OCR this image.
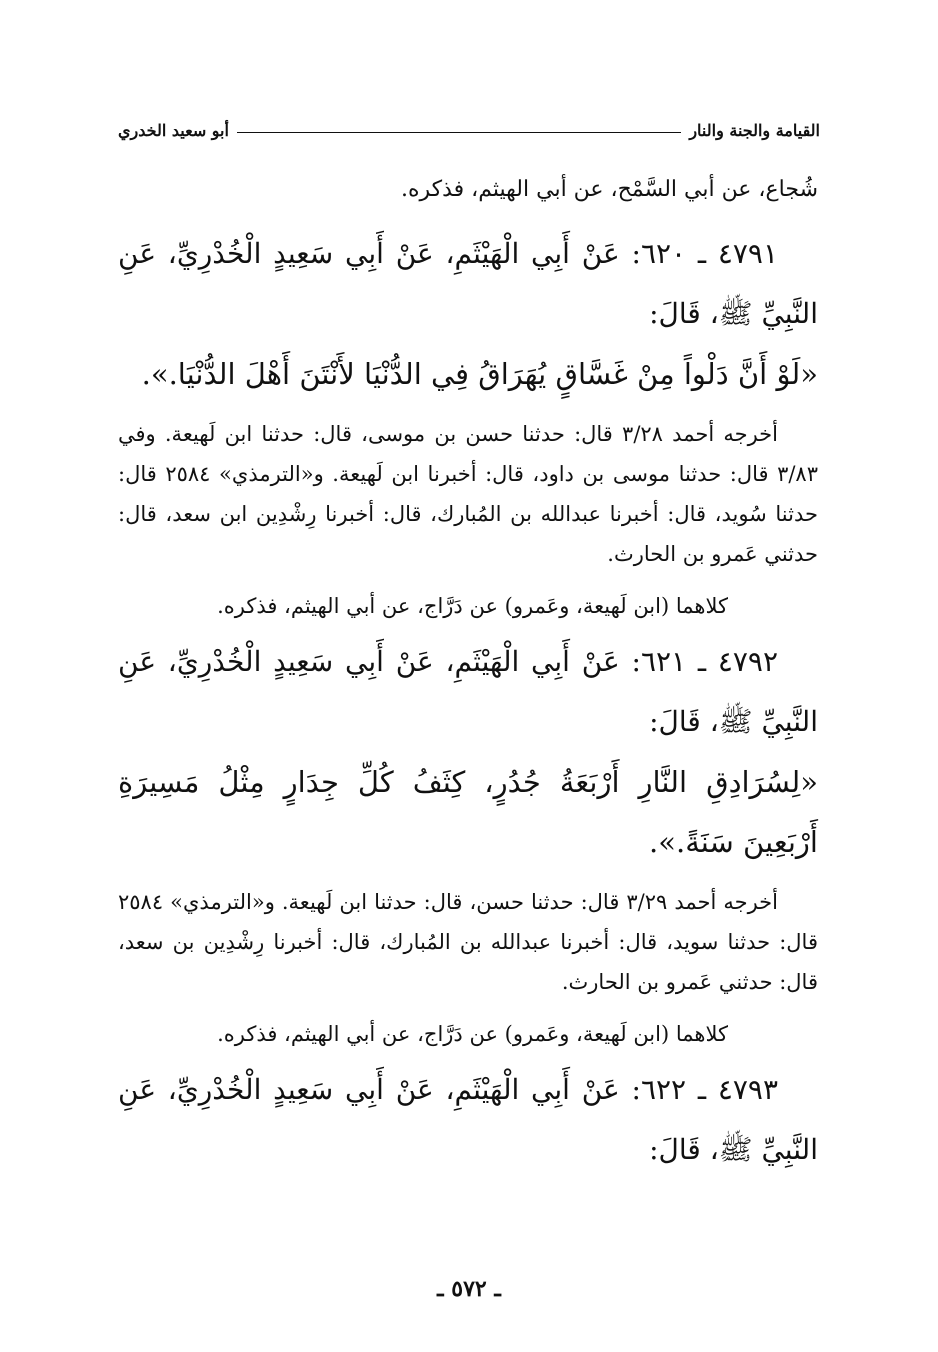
القيامة والجنة والنار
أبو سعيد الخدري

شُجاع، عن أبي السَّمْح، عن أبي الهيثم، فذكره.

٤٧٩١ ـ ٦٢٠: عَنْ أَبِي الْهَيْثَمِ، عَنْ أَبِي سَعِيدٍ الْخُدْرِيِّ، عَنِ النَّبِيِّ ﷺ، قَالَ:

«لَوْ أَنَّ دَلْواً مِنْ غَسَّاقٍ يُهَرَاقُ فِي الدُّنْيَا لأَنْتَنَ أَهْلَ الدُّنْيَا.».

أخرجه أحمد ٣/٢٨ قال: حدثنا حسن بن موسى، قال: حدثنا ابن لَهيعة. وفي ٣/٨٣ قال: حدثنا موسى بن داود، قال: أخبرنا ابن لَهيعة. و«الترمذي» ٢٥٨٤ قال: حدثنا سُويد، قال: أخبرنا عبدالله بن المُبارك، قال: أخبرنا رِشْدِين ابن سعد، قال: حدثني عَمرو بن الحارث.

كلاهما (ابن لَهيعة، وعَمرو) عن دَرَّاج، عن أبي الهيثم، فذكره.

٤٧٩٢ ـ ٦٢١: عَنْ أَبِي الْهَيْثَمِ، عَنْ أَبِي سَعِيدٍ الْخُدْرِيِّ، عَنِ النَّبِيِّ ﷺ، قَالَ:

«لِسُرَادِقِ النَّارِ أَرْبَعَةُ جُدُرٍ، كِثَفُ كُلِّ جِدَارٍ مِثْلُ مَسِيرَةِ أَرْبَعِينَ سَنَةً.».

أخرجه أحمد ٣/٢٩ قال: حدثنا حسن، قال: حدثنا ابن لَهيعة. و«الترمذي» ٢٥٨٤ قال: حدثنا سويد، قال: أخبرنا عبدالله بن المُبارك، قال: أخبرنا رِشْدِين بن سعد، قال: حدثني عَمرو بن الحارث.

كلاهما (ابن لَهيعة، وعَمرو) عن دَرَّاج، عن أبي الهيثم، فذكره.

٤٧٩٣ ـ ٦٢٢: عَنْ أَبِي الْهَيْثَمِ، عَنْ أَبِي سَعِيدٍ الْخُدْرِيِّ، عَنِ النَّبِيِّ ﷺ، قَالَ:

ـ ٥٧٢ ـ
